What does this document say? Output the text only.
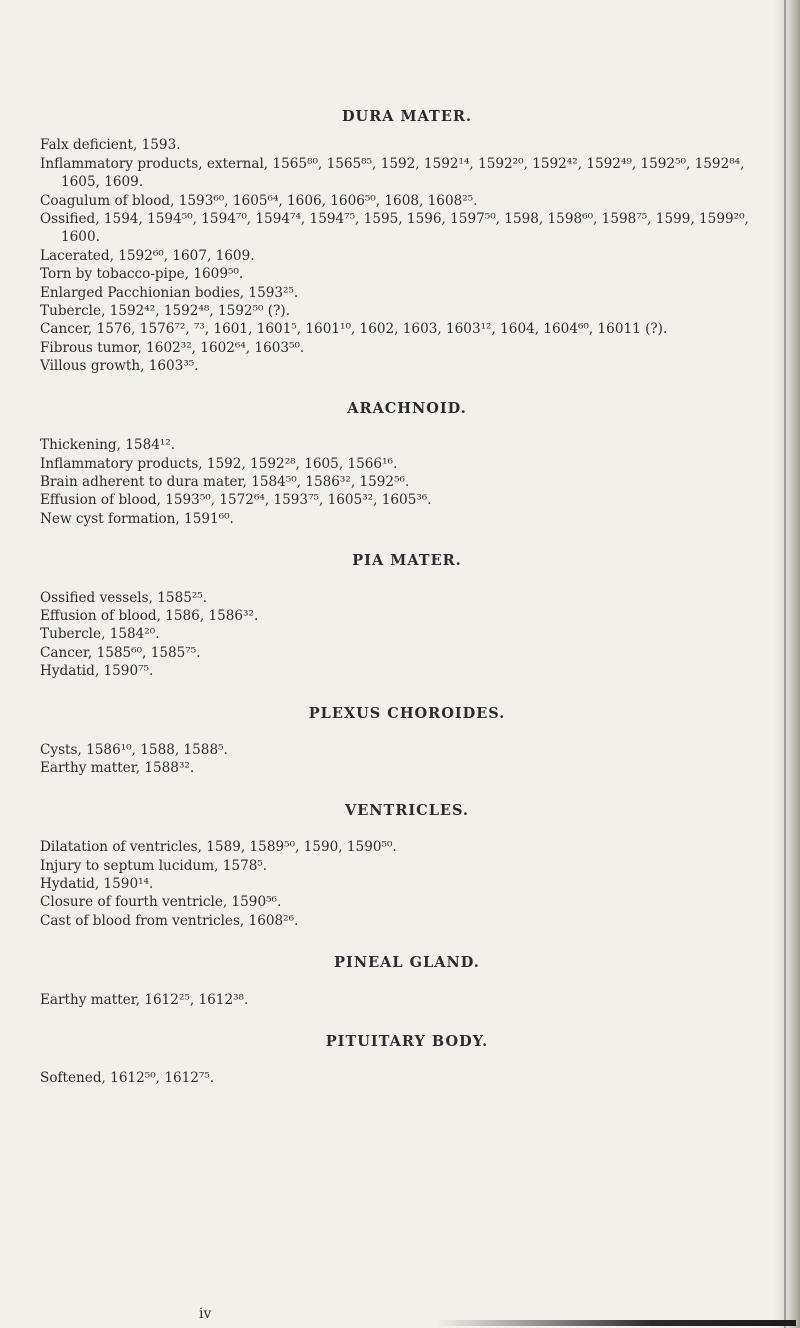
DURA MATER.

Falx deficient, 1593.

Inflammatory products, external, 1565⁸⁰, 1565⁸⁵, 1592, 1592¹⁴, 1592²⁰, 1592⁴², 1592⁴⁹, 1592⁵⁰, 1592⁸⁴, 1605, 1609.

Coagulum of blood, 1593⁶⁰, 1605⁶⁴, 1606, 1606⁵⁰, 1608, 1608²⁵.

Ossified, 1594, 1594⁵⁰, 1594⁷⁰, 1594⁷⁴, 1594⁷⁵, 1595, 1596, 1597⁵⁰, 1598, 1598⁶⁰, 1598⁷⁵, 1599, 1599²⁰, 1600.

Lacerated, 1592⁶⁰, 1607, 1609.

Torn by tobacco-pipe, 1609⁵⁰.

Enlarged Pacchionian bodies, 1593²⁵.

Tubercle, 1592⁴², 1592⁴⁸, 1592⁵⁰ (?).

Cancer, 1576, 1576⁷², ⁷³, 1601, 1601⁵, 1601¹⁰, 1602, 1603, 1603¹², 1604, 1604⁶⁰, 16011 (?).

Fibrous tumor, 1602³², 1602⁶⁴, 1603⁵⁰.

Villous growth, 1603³⁵.

ARACHNOID.

Thickening, 1584¹².

Inflammatory products, 1592, 1592²⁸, 1605, 1566¹⁶.

Brain adherent to dura mater, 1584⁵⁰, 1586³², 1592⁵⁶.

Effusion of blood, 1593⁵⁰, 1572⁶⁴, 1593⁷⁵, 1605³², 1605³⁶.

New cyst formation, 1591⁶⁰.

PIA MATER.

Ossified vessels, 1585²⁵.

Effusion of blood, 1586, 1586³².

Tubercle, 1584²⁰.

Cancer, 1585⁶⁰, 1585⁷⁵.

Hydatid, 1590⁷⁵.

PLEXUS CHOROIDES.

Cysts, 1586¹⁰, 1588, 1588⁵.

Earthy matter, 1588³².

VENTRICLES.

Dilatation of ventricles, 1589, 1589⁵⁰, 1590, 1590⁵⁰.

Injury to septum lucidum, 1578⁵.

Hydatid, 1590¹⁴.

Closure of fourth ventricle, 1590⁵⁶.

Cast of blood from ventricles, 1608²⁶.

PINEAL GLAND.

Earthy matter, 1612²⁵, 1612³⁸.

PITUITARY BODY.

Softened, 1612⁵⁰, 1612⁷⁵.

iv
